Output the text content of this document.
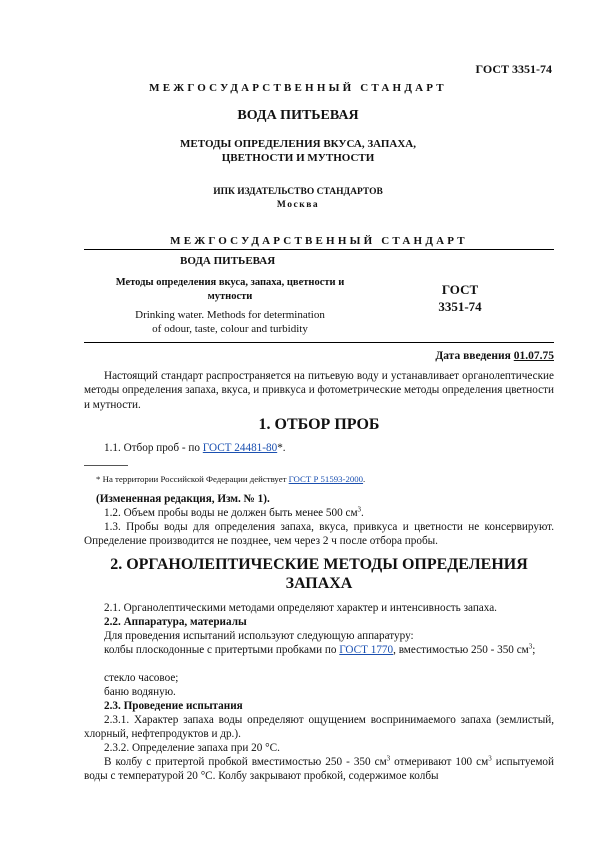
ГОСТ 3351-74
МЕЖГОСУДАРСТВЕННЫЙ СТАНДАРТ
ВОДА ПИТЬЕВАЯ
МЕТОДЫ ОПРЕДЕЛЕНИЯ ВКУСА, ЗАПАХА,
ЦВЕТНОСТИ И МУТНОСТИ
ИПК ИЗДАТЕЛЬСТВО СТАНДАРТОВ
Москва
МЕЖГОСУДАРСТВЕННЫЙ СТАНДАРТ
ВОДА ПИТЬЕВАЯ
Методы определения вкуса, запаха, цветности и
мутности
Drinking water. Methods for determination
of odour, taste, colour and turbidity
ГОСТ
3351-74
Дата введения 01.07.75
Настоящий стандарт распространяется на питьевую воду и устанавливает органолептические методы определения запаха, вкуса, и привкуса и фотометрические методы определения цветности и мутности.
1. ОТБОР ПРОБ
1.1. Отбор проб - по ГОСТ 24481-80*.
* На территории Российской Федерации действует ГОСТ Р 51593-2000.
(Измененная редакция, Изм. № 1).
1.2. Объем пробы воды не должен быть менее 500 $см^3$.
1.3. Пробы воды для определения запаха, вкуса, привкуса и цветности не консервируют. Определение производится не позднее, чем через 2 ч после отбора пробы.
2. ОРГАНОЛЕПТИЧЕСКИЕ МЕТОДЫ ОПРЕДЕЛЕНИЯ
ЗАПАХА
2.1. Органолептическими методами определяют характер и интенсивность запаха.
2.2. Аппаратура, материалы
Для проведения испытаний используют следующую аппаратуру:
колбы плоскодонные с притертыми пробками по ГОСТ 1770, вместимостью 250 - 350 $см^3$;
стекло часовое;
баню водяную.
2.3. Проведение испытания
2.3.1. Характер запаха воды определяют ощущением воспринимаемого запаха (землистый, хлорный, нефтепродуктов и др.).
2.3.2. Определение запаха при 20 °С.
В колбу с притертой пробкой вместимостью 250 - 350 $см^3$ отмеривают 100 $см^3$ испытуемой воды с температурой 20 °С. Колбу закрывают пробкой, содержимое колбы
